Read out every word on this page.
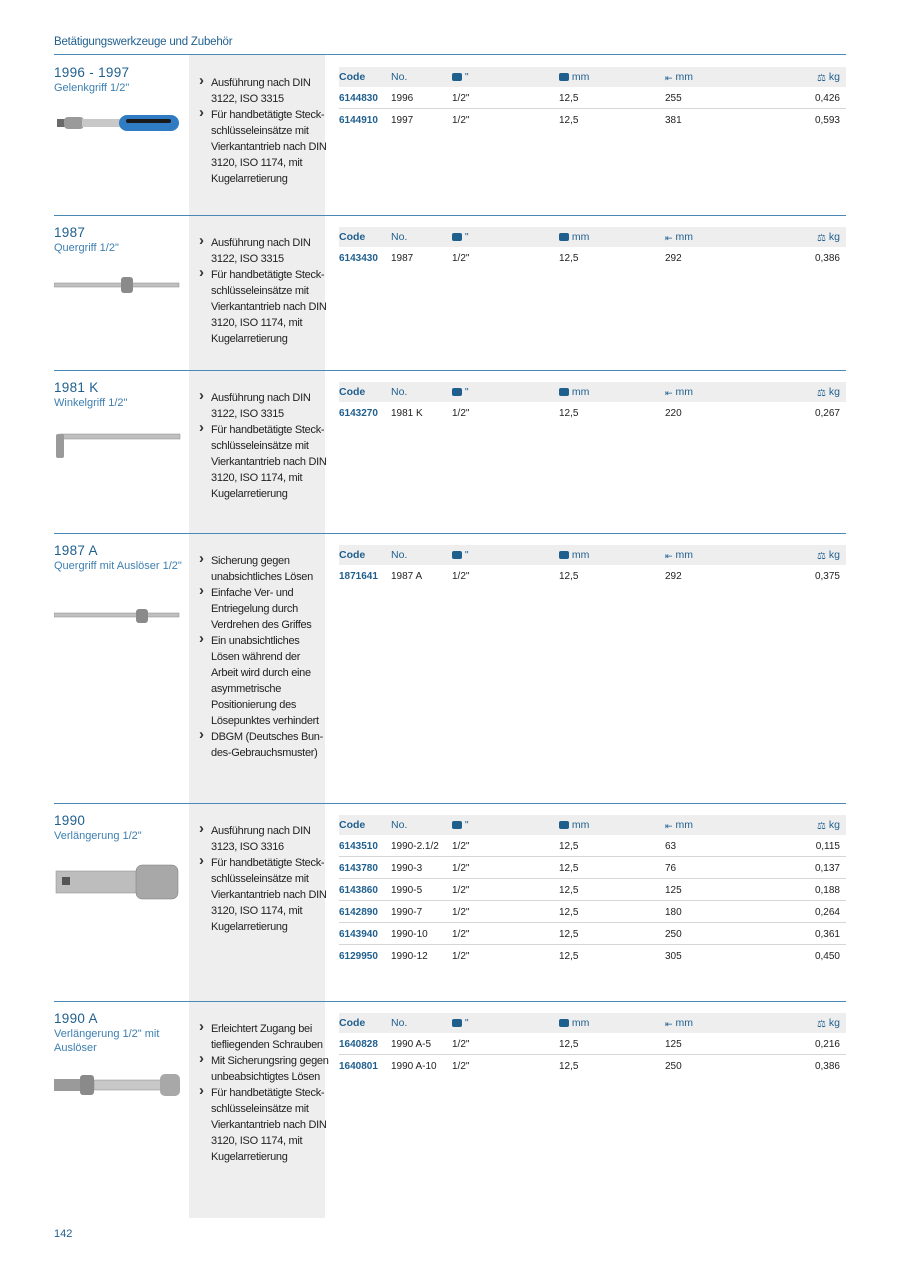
Betätigungswerkzeuge und Zubehör
1996 - 1997
Gelenkgriff 1/2"	› Ausführung nach DIN 3122, ISO 3315
› Für handbetätigte Steck-schlüsseleinsätze mit Vierkantantrieb nach DIN 3120, ISO 1174, mit Kugelarretierung
Code No.	"	mm	⇤ mm	⚖ kg
6144830 1996	1/2"	12,5	255	0,426
6144910 1997	1/2"	12,5	381	0,593
1987
Quergriff 1/2"	› Ausführung nach DIN 3122, ISO 3315
› Für handbetätigte Steck-schlüsseleinsätze mit Vierkantantrieb nach DIN 3120, ISO 1174, mit Kugelarretierung
Code No.	"	mm	⇤ mm	⚖ kg
6143430 1987	1/2"	12,5	292	0,386
1981 K
Winkelgriff 1/2"	› Ausführung nach DIN 3122, ISO 3315
› Für handbetätigte Steck-schlüsseleinsätze mit Vierkantantrieb nach DIN 3120, ISO 1174, mit Kugelarretierung
Code No.	"	mm	⇤ mm	⚖ kg
6143270 1981 K	1/2"	12,5	220	0,267
1987 A
Quergriff mit Auslöser 1/2"	› Sicherung gegen unabsichtliches Lösen
› Einfache Ver- und Entriegelung durch Verdrehen des Griffes
› Ein unabsichtliches Lösen während der Arbeit wird durch eine asymmetrische Positionierung des Lösepunktes verhindert
› DBGM (Deutsches Bun-des-Gebrauchsmuster)
Code No.	"	mm	⇤ mm	⚖ kg
1871641 1987 A	1/2"	12,5	292	0,375
1990
Verlängerung 1/2"	› Ausführung nach DIN 3123, ISO 3316
› Für handbetätigte Steck-schlüsseleinsätze mit Vierkantantrieb nach DIN 3120, ISO 1174, mit Kugelarretierung
Code No.	"	mm	⇤ mm	⚖ kg
6143510 1990-2.1/2 1/2"	12,5	63	0,115
6143780 1990-3	1/2"	12,5	76	0,137
6143860 1990-5	1/2"	12,5	125	0,188
6142890 1990-7	1/2"	12,5	180	0,264
6143940 1990-10 1/2"	12,5	250	0,361
6129950 1990-12 1/2"	12,5	305	0,450
1990 A
Verlängerung 1/2" mit Auslöser
› Erleichtert Zugang bei tiefliegenden Schrauben
› Mit Sicherungsring gegen unbeabsichtigtes Lösen
› Für handbetätigte Steck-schlüsseleinsätze mit Vierkantantrieb nach DIN 3120, ISO 1174, mit Kugelarretierung
Code No.	"	mm	⇤ mm	⚖ kg
1640828 1990 A-5 1/2"	12,5	125	0,216
1640801 1990 A-10 1/2"	12,5	250	0,386
142
